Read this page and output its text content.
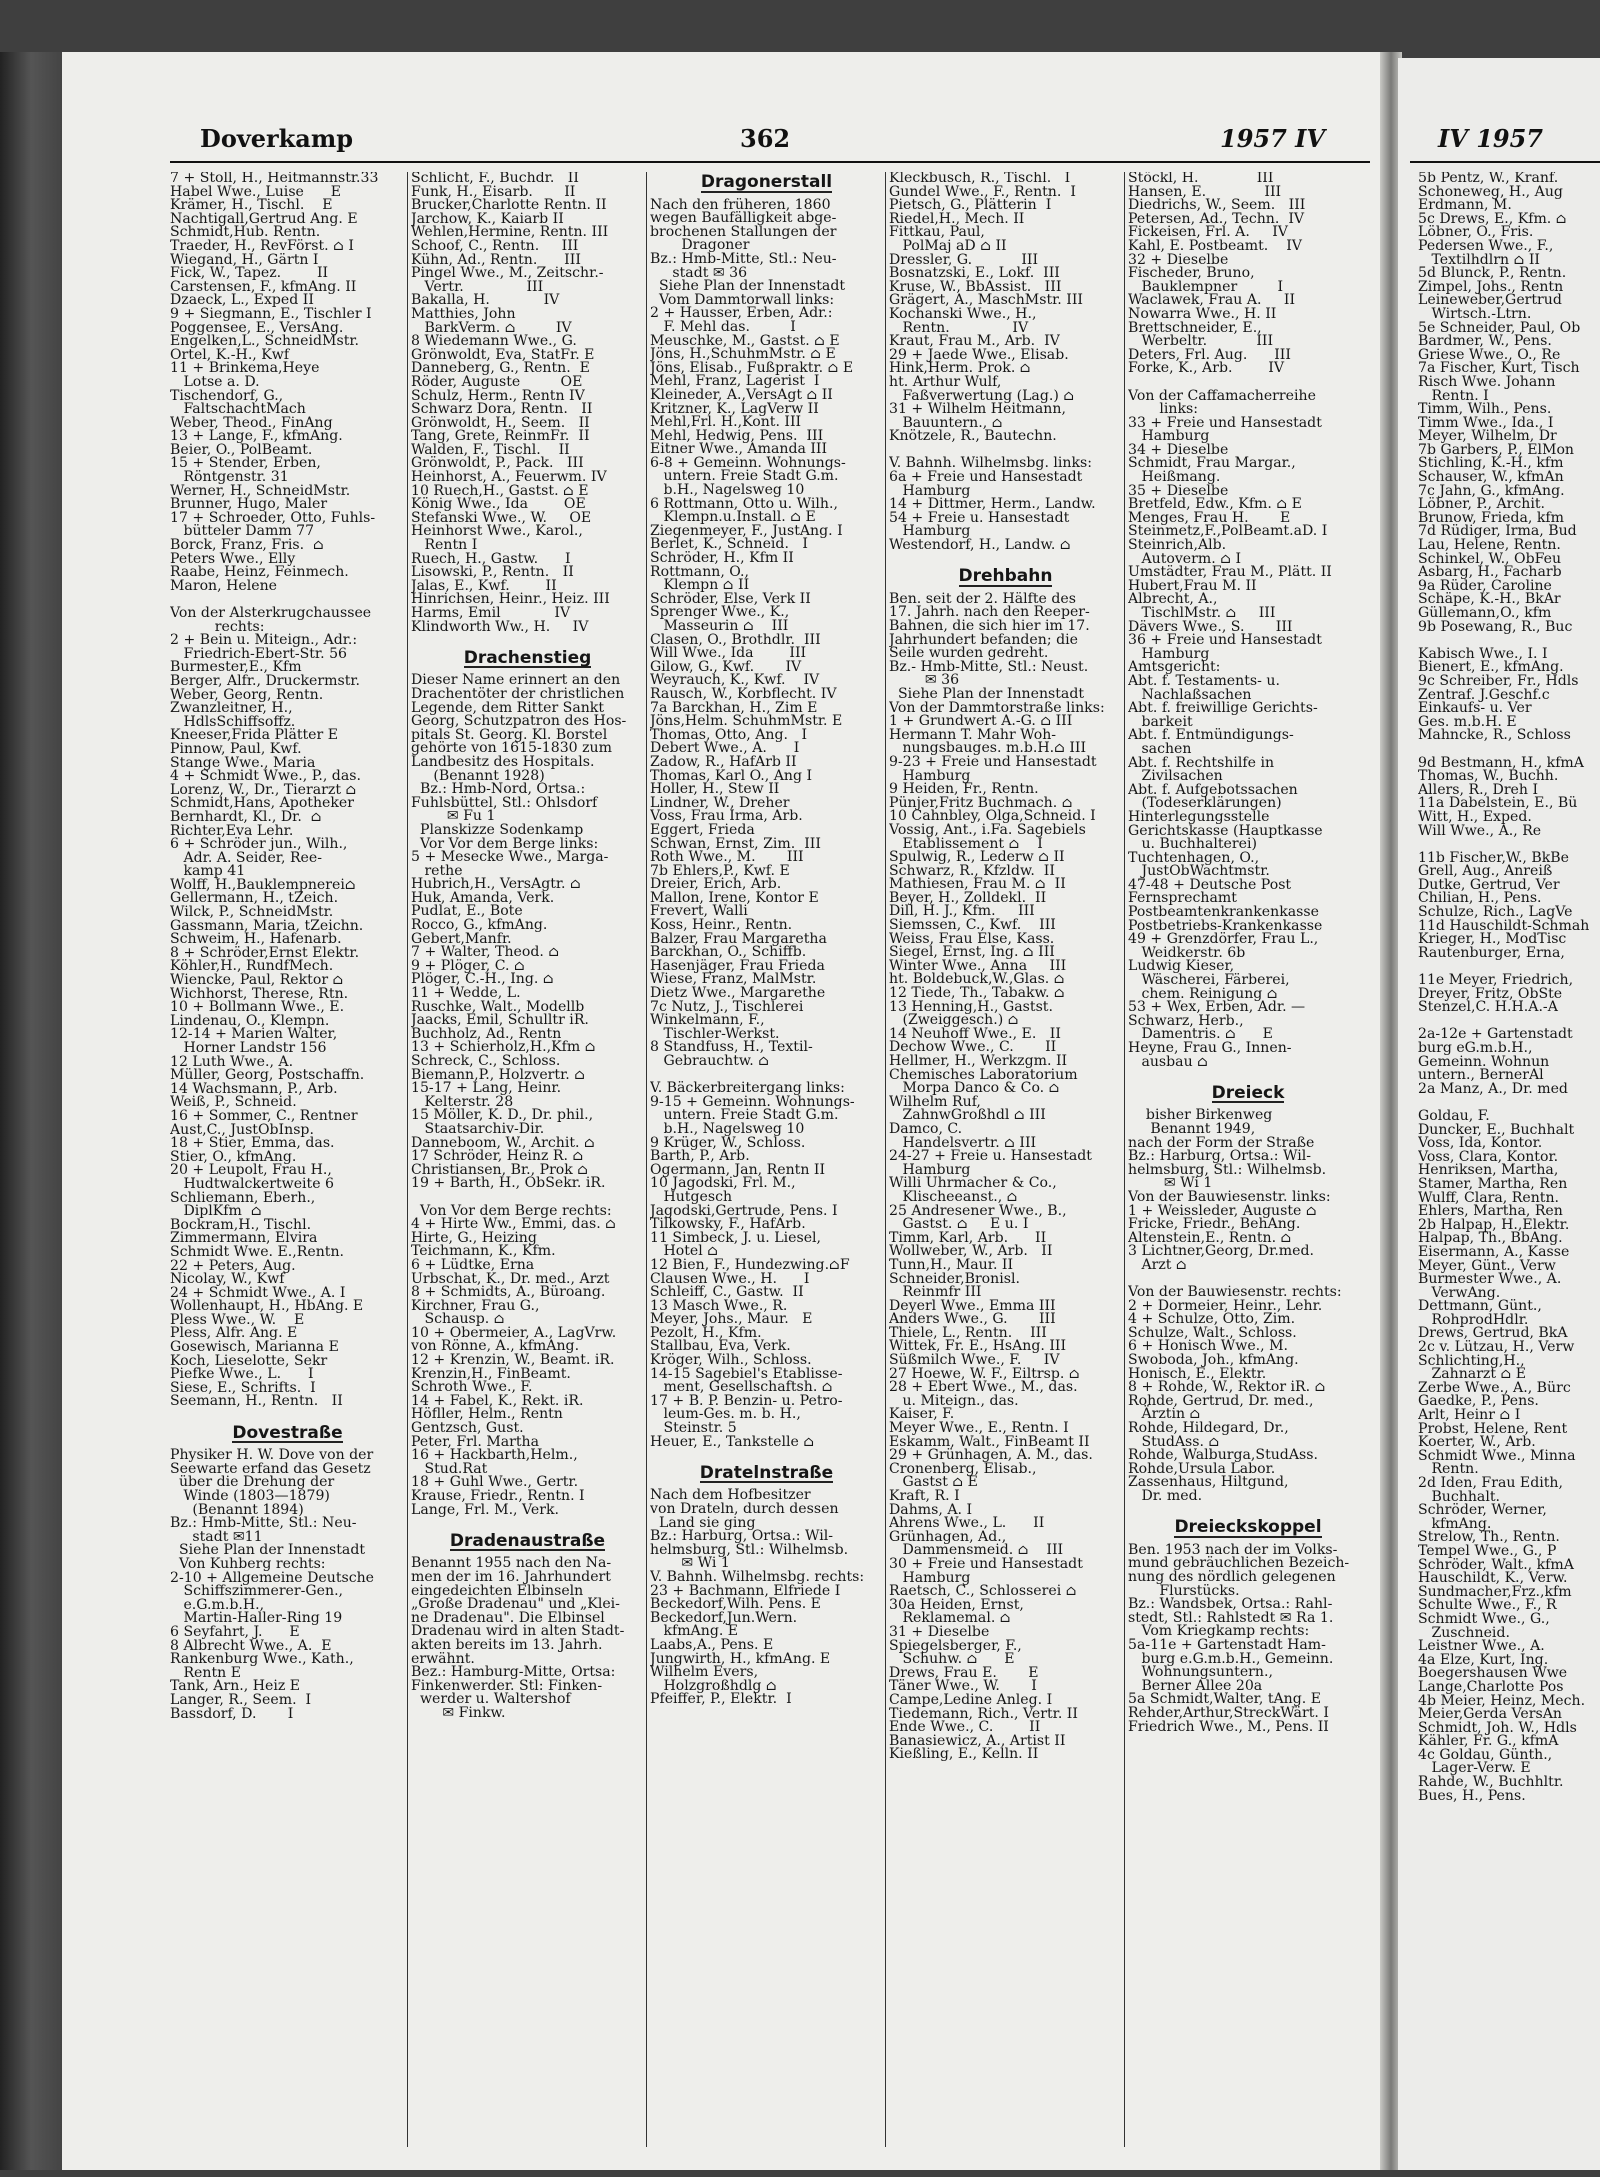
Doverkamp	362	1957 IV	IV 1957
7 + Stoll, H., Heitmannstr.33
Habel Wwe., Luise      E
Krämer, H., Tischl.    E
Nachtigall,Gertrud Ang. E
Schmidt,Hub. Rentn.
Traeder, H., RevFörst. ⌂ I
Wiegand, H., Gärtn I
Fick, W., Tapez.        II
Carstensen, F., kfmAng. II
Dzaeck, L., Exped II
9 + Siegmann, E., Tischler I
Poggensee, E., VersAng.
Engelken,L., SchneidMstr.
Ortel, K.-H., Kwf
11 + Brinkema,Heye
Lotse a. D.
Tischendorf, G.,
FaltschachtMach
Weber, Theod., FinAng
13 + Lange, F., kfmAng.
Beier, O., PolBeamt.
15 + Stender, Erben,
Röntgenstr. 31
Werner, H., SchneidMstr.
Brunner, Hugo, Maler
17 + Schroeder, Otto, Fuhls-
bütteler Damm 77
Borck, Franz, Fris.  ⌂
Peters Wwe., Elly
Raabe, Heinz, Feinmech.
Maron, Helene

Von der Alsterkrugchaussee
rechts:
2 + Bein u. Miteign., Adr.:
Friedrich-Ebert-Str. 56
Burmester,E., Kfm
Berger, Alfr., Druckermstr.
Weber, Georg, Rentn.
Zwanzleitner, H.,
HdlsSchiffsoffz.
Kneeser,Frida Plätter E
Pinnow, Paul, Kwf.
Stange Wwe., Maria
4 + Schmidt Wwe., P., das.
Lorenz, W., Dr., Tierarzt ⌂
Schmidt,Hans, Apotheker
Bernhardt, Kl., Dr.  ⌂
Richter,Eva Lehr.
6 + Schröder jun., Wilh.,
Adr. A. Seider, Ree-
kamp 41
Wolff, H.,Bauklempnerei⌂
Gellermann, H., tZeich.
Wilck, P., SchneidMstr.
Gassmann, Maria, tZeichn.
Schweim, H., Hafenarb.
8 + Schröder,Ernst Elektr.
Köhler,H., RundfMech.
Wiencke, Paul, Rektor ⌂
Wichhorst, Therese, Rtn.
10 + Bollmann Wwe., E.
Lindenau, O., Klempn.
12-14 + Marien Walter,
Horner Landstr 156
12 Luth Wwe., A.
Müller, Georg, Postschaffn.
14 Wachsmann, P., Arb.
Weiß, P., Schneid.
16 + Sommer, C., Rentner
Aust,C., JustObInsp.
18 + Stier, Emma, das.
Stier, O., kfmAng.
20 + Leupolt, Frau H.,
Hudtwalckertweite 6
Schliemann, Eberh.,
DiplKfm  ⌂
Bockram,H., Tischl.
Zimmermann, Elvira
Schmidt Wwe. E.,Rentn.
22 + Peters, Aug.
Nicolay, W., Kwf
24 + Schmidt Wwe., A. I
Wollenhaupt, H., HbAng. E
Pless Wwe., W.    E
Pless, Alfr. Ang. E
Gosewisch, Marianna E
Koch, Lieselotte, Sekr
Piefke Wwe., L.      I
Siese, E., Schrifts.  I
Seemann, H., Rentn.   II

Dovestraße
Physiker H. W. Dove von der
Seewarte erfand das Gesetz
über die Drehung der
Winde (1803—1879)
(Benannt 1894)
Bz.: Hmb-Mitte, Stl.: Neu-
stadt ✉11
Siehe Plan der Innenstadt
Von Kuhberg rechts:
2-10 + Allgemeine Deutsche
Schiffszimmerer-Gen.,
e.G.m.b.H.,
Martin-Haller-Ring 19
6 Seyfahrt, J.      E
8 Albrecht Wwe., A.  E
Rankenburg Wwe., Kath.,
Rentn E
Tank, Arn., Heiz E
Langer, R., Seem.  I
Bassdorf, D.       I
Schlicht, F., Buchdr.   II
Funk, H., Eisarb.       II
Brucker,Charlotte Rentn. II
Jarchow, K., Kaiarb II
Wehlen,Hermine, Rentn. III
Schoof, C., Rentn.     III
Kühn, Ad., Rentn.      III
Pingel Wwe., M., Zeitschr.-
Vertr.              III
Bakalla, H.            IV
Matthies, John
BarkVerm. ⌂         IV
8 Wiedemann Wwe., G.
Grönwoldt, Eva, StatFr. E
Danneberg, G., Rentn.  E
Röder, Auguste         OE
Schulz, Herm., Rentn IV
Schwarz Dora, Rentn.   II
Grönwoldt, H., Seem.   II
Tang, Grete, ReinmFr.  II
Walden, F., Tischl.    II
Grönwoldt, P., Pack.   III
Heinhorst, A., Feuerwm. IV
10 Ruech,H., Gastst. ⌂ E
König Wwe., Ida        OE
Stefanski Wwe., W.     OE
Heinhorst Wwe., Karol.,
Rentn I
Ruech, H., Gastw.      I
Lisowski, P., Rentn.   II
Jalas, E., Kwf.        II
Hinrichsen, Heinr., Heiz. III
Harms, Emil            IV
Klindworth Ww., H.     IV

Drachenstieg
Dieser Name erinnert an den
Drachentöter der christlichen
Legende, dem Ritter Sankt
Georg, Schutzpatron des Hos-
pitals St. Georg. Kl. Borstel
gehörte von 1615-1830 zum
Landbesitz des Hospitals.
(Benannt 1928)
Bz.: Hmb-Nord, Ortsa.:
Fuhlsbüttel, Stl.: Ohlsdorf
✉ Fu 1
Planskizze Sodenkamp
Vor Vor dem Berge links:
5 + Mesecke Wwe., Marga-
rethe
Hubrich,H., VersAgtr. ⌂
Huk, Amanda, Verk.
Pudlat, E., Bote
Rocco, G., kfmAng.
Gebert,Manfr.
7 + Walter, Theod. ⌂
9 + Plöger, C. ⌂
Plöger, C.-H., Ing. ⌂
11 + Wedde, L.
Ruschke, Walt., Modellb
Jaacks, Emil, Schulltr iR.
Buchholz, Ad., Rentn
13 + Schierholz,H.,Kfm ⌂
Schreck, C., Schloss.
Biemann,P., Holzvertr. ⌂
15-17 + Lang, Heinr.
Kelterstr. 28
15 Möller, K. D., Dr. phil.,
Staatsarchiv-Dir.
Danneboom, W., Archit. ⌂
17 Schröder, Heinz R. ⌂
Christiansen, Br., Prok ⌂
19 + Barth, H., ObSekr. iR.

Von Vor dem Berge rechts:
4 + Hirte Ww., Emmi, das. ⌂
Hirte, G., Heizing
Teichmann, K., Kfm.
6 + Lüdtke, Erna
Urbschat, K., Dr. med., Arzt
8 + Schmidts, A., Büroang.
Kirchner, Frau G.,
Schausp. ⌂
10 + Obermeier, A., LagVrw.
von Rönne, A., kfmAng.
12 + Krenzin, W., Beamt. iR.
Krenzin,H., FinBeamt.
Schroth Wwe., F.
14 + Fabel, K., Rekt. iR.
Höfller, Helm., Rentn
Gentzsch, Gust.
Peter, Frl. Martha
16 + Hackbarth,Helm.,
Stud.Rat
18 + Guhl Wwe., Gertr.
Krause, Friedr., Rentn. I
Lange, Frl. M., Verk.

Dradenaustraße
Benannt 1955 nach den Na-
men der im 16. Jahrhundert
eingedeichten Elbinseln
„Große Dradenau" und „Klei-
ne Dradenau". Die Elbinsel
Dradenau wird in alten Stadt-
akten bereits im 13. Jahrh.
erwähnt.
Bez.: Hamburg-Mitte, Ortsa:
Finkenwerder. Stl: Finken-
werder u. Waltershof
✉ Finkw.
Dragonerstall
Nach den früheren, 1860
wegen Baufälligkeit abge-
brochenen Stallungen der
Dragoner
Bz.: Hmb-Mitte, Stl.: Neu-
stadt ✉ 36
Siehe Plan der Innenstadt
Vom Dammtorwall links:
2 + Hausser, Erben, Adr.:
F. Mehl das.         I
Meuschke, M., Gastst. ⌂ E
Jöns, H.,SchuhmMstr. ⌂ E
Jöns, Elisab., Fußpraktr. ⌂ E
Mehl, Franz, Lagerist  I
Kleineder, A.,VersAgt ⌂ II
Kritzner, K., LagVerw II
Mehl,Frl. H.,Kont. III
Mehl, Hedwig, Pens.  III
Eitner Wwe., Amanda III
6-8 + Gemeinn. Wohnungs-
untern. Freie Stadt G.m.
b.H., Nagelsweg 10
6 Rottmann, Otto u. Wilh.,
Klempn.u.Install. ⌂ E
Ziegenmeyer, F., JustAng. I
Berlet, K., Schneid.   I
Schröder, H., Kfm II
Rottmann, O.,
Klempn ⌂ II
Schröder, Else, Verk II
Sprenger Wwe., K.,
Masseurin ⌂    III
Clasen, O., Brothdlr.  III
Will Wwe., Ida        III
Gilow, G., Kwf.       IV
Weyrauch, K., Kwf.    IV
Rausch, W., Korbflecht. IV
7a Barckhan, H., Zim E
Jöns,Helm. SchuhmMstr. E
Thomas, Otto, Ang.   I
Debert Wwe., A.      I
Zadow, R., HafArb II
Thomas, Karl O., Ang I
Holler, H., Stew II
Lindner, W., Dreher
Voss, Frau Irma, Arb.
Eggert, Frieda
Schwan, Ernst, Zim.  III
Roth Wwe., M.       III
7b Ehlers,P., Kwf. E
Dreier, Erich, Arb.
Mallon, Irene, Kontor E
Frevert, Walli
Koss, Heinr., Rentn.
Balzer, Frau Margaretha
Barckhan, O., Schiffb.
Hasenjäger, Frau Frieda
Wiese, Franz, MalMstr.
Dietz Wwe., Margarethe
7c Nutz, J., Tischlerei
Winkelmann, F.,
Tischler-Werkst.
8 Standfuss, H., Textil-
Gebrauchtw. ⌂

V. Bäckerbreitergang links:
9-15 + Gemeinn. Wohnungs-
untern. Freie Stadt G.m.
b.H., Nagelsweg 10
9 Krüger, W., Schloss.
Barth, P., Arb.
Ogermann, Jan, Rentn II
10 Jagodski, Frl. M.,
Hutgesch
Jagodski,Gertrude, Pens. I
Tilkowsky, F., HafArb.
11 Simbeck, J. u. Liesel,
Hotel ⌂
12 Bien, F., Hundezwing.⌂F
Clausen Wwe., H.      I
Schleiff, C., Gastw.  II
13 Masch Wwe., R.
Meyer, Johs., Maur.   E
Pezolt, H., Kfm.
Stallbau, Eva, Verk.
Kröger, Wilh., Schloss.
14-15 Sagebiel's Etablisse-
ment, Gesellschaftsh. ⌂
17 + B. P. Benzin- u. Petro-
leum-Ges. m. b. H.,
Steinstr. 5
Heuer, E., Tankstelle ⌂

Dratelnstraße
Nach dem Hofbesitzer
von Drateln, durch dessen
Land sie ging
Bz.: Harburg, Ortsa.: Wil-
helmsburg, Stl.: Wilhelmsb.
✉ Wi 1
V. Bahnh. Wilhelmsbg. rechts:
23 + Bachmann, Elfriede I
Beckedorf,Wilh. Pens. E
Beckedorf,Jun.Wern.
kfmAng. E
Laabs,A., Pens. E
Jungwirth, H., kfmAng. E
Wilhelm Evers,
Holzgroßhdlg ⌂
Pfeiffer, P., Elektr.  I
Kleckbusch, R., Tischl.   I
Gundel Wwe., F., Rentn.  I
Pietsch, G., Plätterin  I
Riedel,H., Mech. II
Fittkau, Paul,
PolMaj aD ⌂ II
Dressler, G.           III
Bosnatzski, E., Lokf.  III
Kruse, W., BbAssist.   III
Grägert, A., MaschMstr. III
Kochanski Wwe., H.,
Rentn.              IV
Kraut, Frau M., Arb.  IV
29 + Jaede Wwe., Elisab.
Hink,Herm. Prok. ⌂
ht. Arthur Wulf,
Faßverwertung (Lag.) ⌂
31 + Wilhelm Heitmann,
Bauuntern., ⌂
Knötzele, R., Bautechn.

V. Bahnh. Wilhelmsbg. links:
6a + Freie und Hansestadt
Hamburg
14 + Dittmer, Herm., Landw.
54 + Freie u. Hansestadt
Hamburg
Westendorf, H., Landw. ⌂

Drehbahn
Ben. seit der 2. Hälfte des
17. Jahrh. nach den Reeper-
Bahnen, die sich hier im 17.
Jahrhundert befanden; die
Seile wurden gedreht.
Bz.- Hmb-Mitte, Stl.: Neust.
✉ 36
Siehe Plan der Innenstadt
Von der Dammtorstraße links:
1 + Grundwert A.-G. ⌂ III
Hermann T. Mahr Woh-
nungsbauges. m.b.H.⌂ III
9-23 + Freie und Hansestadt
Hamburg
9 Heiden, Fr., Rentn.
Pünjer,Fritz Buchmach. ⌂
10 Cahnbley, Olga,Schneid. I
Vossig, Ant., i.Fa. Sagebiels
Etablissement ⌂    I
Spulwig, R., Lederw ⌂ II
Schwarz, R., Kfzldw.  II
Mathiesen, Frau M. ⌂  II
Beyer, H., Zolldekl.  II
Dill, H. J., Kfm.     III
Siemssen, C., Kwf.    III
Weiss, Frau Else, Kass.
Siegel, Ernst, Ing. ⌂ III
Winter Wwe., Anna     III
ht. Boldebuck,W.,Glas. ⌂
12 Tiede, Th., Tabakw. ⌂
13 Henning,H., Gastst.
(Zweiggesch.) ⌂
14 Neuhoff Wwe., E.   II
Dechow Wwe., C.       II
Hellmer, H., Werkzgm. II
Chemisches Laboratorium
Morpa Danco & Co. ⌂
Wilhelm Ruf,
ZahnwGroßhdl ⌂ III
Damco, C.
Handelsvertr. ⌂ III
24-27 + Freie u. Hansestadt
Hamburg
Willi Uhrmacher & Co.,
Klischeeanst., ⌂
25 Andresener Wwe., B.,
Gastst. ⌂     E u. I
Timm, Karl, Arb.      II
Wollweber, W., Arb.   II
Tunn,H., Maur. II
Schneider,Bronisl.
Reinmfr III
Deyerl Wwe., Emma III
Anders Wwe., G.       III
Thiele, L., Rentn.    III
Wittek, Fr. E., HsAng. III
Süßmilch Wwe., F.     IV
27 Hoewe, W. F., Eiltrsp. ⌂
28 + Ebert Wwe., M., das.
u. Miteign., das.
Kaiser, F.
Meyer Wwe., E., Rentn. I
Eskamm, Walt., FinBeamt II
29 + Grünhagen, A. M., das.
Cronenberg, Elisab.,
Gastst ⌂ E
Kraft, R. I
Dahms, A. I
Ahrens Wwe., L.      II
Grünhagen, Ad.,
Dammensmeid. ⌂    III
30 + Freie und Hansestadt
Hamburg
Raetsch, C., Schlosserei ⌂
30a Heiden, Ernst,
Reklamemal. ⌂
31 + Dieselbe
Spiegelsberger, F.,
Schuhw. ⌂      E
Drews, Frau E.       E
Täner Wwe., W.       I
Campe,Ledine Anleg. I
Tiedemann, Rich., Vertr. II
Ende Wwe., C.        II
Banasiewicz, A., Artist II
Kießling, E., Kelln. II
Stöckl, H.             III
Hansen, E.             III
Diedrichs, W., Seem.   III
Petersen, Ad., Techn.  IV
Fickeisen, Frl. A.     IV
Kahl, E. Postbeamt.    IV
32 + Dieselbe
Fischeder, Bruno,
Bauklempner         I
Waclawek, Frau A.     II
Nowarra Wwe., H. II
Brettschneider, E.,
Werbeltr.           III
Deters, Frl. Aug.      III
Forke, K., Arb.        IV

Von der Caffamacherreihe
links:
33 + Freie und Hansestadt
Hamburg
34 + Dieselbe
Schmidt, Frau Margar.,
Heißmang.
35 + Dieselbe
Bretfeld, Edw., Kfm. ⌂ E
Menges, Frau H.       E
Steinmetz,F.,PolBeamt.aD. I
Steinrich,Alb.
Autoverm. ⌂ I
Umstädter, Frau M., Plätt. II
Hubert,Frau M. II
Albrecht, A.,
TischlMstr. ⌂     III
Dävers Wwe., S.       III
36 + Freie und Hansestadt
Hamburg
Amtsgericht:
Abt. f. Testaments- u.
Nachlaßsachen
Abt. f. freiwillige Gerichts-
barkeit
Abt. f. Entmündigungs-
sachen
Abt. f. Rechtshilfe in
Zivilsachen
Abt. f. Aufgebotssachen
(Todeserklärungen)
Hinterlegungsstelle
Gerichtskasse (Hauptkasse
u. Buchhalterei)
Tuchtenhagen, O.,
JustObWachtmstr.
47-48 + Deutsche Post
Fernsprechamt
Postbeamtenkrankenkasse
Postbetriebs-Krankenkasse
49 + Grenzdörfer, Frau L.,
Weidkerstr. 6b
Ludwig Kieser,
Wäscherei, Färberei,
chem. Reinigung ⌂
53 + Wex, Erben, Adr. —
Schwarz, Herb.,
Damentris. ⌂      E
Heyne, Frau G., Innen-
ausbau ⌂

Dreieck
bisher Birkenweg
Benannt 1949,
nach der Form der Straße
Bz.: Harburg, Ortsa.: Wil-
helmsburg, Stl.: Wilhelmsb.
✉ Wi 1
Von der Bauwiesenstr. links:
1 + Weissleder, Auguste ⌂
Fricke, Friedr., BehAng.
Altenstein,E., Rentn. ⌂
3 Lichtner,Georg, Dr.med.
Arzt ⌂

Von der Bauwiesenstr. rechts:
2 + Dormeier, Heinr., Lehr.
4 + Schulze, Otto, Zim.
Schulze, Walt., Schloss.
6 + Honisch Wwe., M.
Swoboda, Joh., kfmAng.
Honisch, E., Elektr.
8 + Rohde, W., Rektor iR. ⌂
Rohde, Gertrud, Dr. med.,
Ärztin ⌂
Rohde, Hildegard, Dr.,
StudAss. ⌂
Rohde, Walburga,StudAss.
Rohde,Ursula Labor.
Zassenhaus, Hiltgund,
Dr. med.

Dreieckskoppel
Ben. 1953 nach der im Volks-
mund gebräuchlichen Bezeich-
nung des nördlich gelegenen
Flurstücks.
Bz.: Wandsbek, Ortsa.: Rahl-
stedt, Stl.: Rahlstedt ✉ Ra 1.
Vom Kriegkamp rechts:
5a-11e + Gartenstadt Ham-
burg e.G.m.b.H., Gemeinn.
Wohnungsuntern.,
Berner Allee 20a
5a Schmidt,Walter, tAng. E
Rehder,Arthur,StreckWärt. I
Friedrich Wwe., M., Pens. II
5b Pentz, W., Kranf.
Schoneweg, H., Aug
Erdmann, M.
5c Drews, E., Kfm. ⌂
Löbner, O., Fris.
Pedersen Wwe., F.,
Textilhdlrn ⌂ II
5d Blunck, P., Rentn.
Zimpel, Johs., Rentn
Leineweber,Gertrud
Wirtsch.-Ltrn.
5e Schneider, Paul, Ob
Bardmer, W., Pens.
Griese Wwe., O., Re
7a Fischer, Kurt, Tisch
Risch Wwe. Johann
Rentn. I
Timm, Wilh., Pens.
Timm Wwe., Ida., I
Meyer, Wilhelm, Dr
7b Garbers, P., ElMon
Stichling, K.-H., kfm
Schauser, W., kfmAn
7c Jahn, G., kfmAng.
Löbner, P., Archit.
Brunow, Frieda, kfm
7d Rüdiger, Irma, Bud
Lau, Helene, Rentn.
Schinkel, W., ObFeu
Asbarg, H., Facharb
9a Rüder, Caroline
Schäpe, K.-H., BkAr
Güllemann,O., kfm
9b Posewang, R., Buc

Kabisch Wwe., I. I
Bienert, E., kfmAng.
9c Schreiber, Fr., Hdls
Zentraf. J.Geschf.c
Einkaufs- u. Ver
Ges. m.b.H. E
Mahncke, R., Schloss

9d Bestmann, H., kfmA
Thomas, W., Buchh.
Allers, R., Dreh I
11a Dabelstein, E., Bü
Witt, H., Exped.
Will Wwe., A., Re

11b Fischer,W., BkBe
Grell, Aug., Anreiß
Dutke, Gertrud, Ver
Chilian, H., Pens.
Schulze, Rich., LagVe
11d Hauschildt-Schmah
Krieger, H., ModTisc
Rautenburger, Erna,

11e Meyer, Friedrich,
Dreyer, Fritz, ObSte
Stenzel,C. H.H.A.-A

2a-12e + Gartenstadt
burg eG.m.b.H.,
Gemeinn. Wohnun
untern., BernerAl
2a Manz, A., Dr. med

Goldau, F.
Duncker, E., Buchhalt
Voss, Ida, Kontor.
Voss, Clara, Kontor.
Henriksen, Martha,
Stamer, Martha, Ren
Wulff, Clara, Rentn.
Ehlers, Martha, Ren
2b Halpap, H.,Elektr.
Halpap, Th., BbAng.
Eisermann, A., Kasse
Meyer, Günt., Verw
Burmester Wwe., A.
VerwAng.
Dettmann, Günt.,
RohprodHdlr.
Drews, Gertrud, BkA
2c v. Lützau, H., Verw
Schlichting,H.,
Zahnarzt ⌂ E
Zerbe Wwe., A., Bürc
Gaedke, P., Pens.
Arlt, Heinr ⌂ I
Probst, Helene, Rent
Koerter, W., Arb.
Schmidt Wwe., Minna
Rentn.
2d Iden, Frau Edith,
Buchhalt.
Schröder, Werner,
kfmAng.
Strelow, Th., Rentn.
Tempel Wwe., G., P
Schröder, Walt., kfmA
Hauschildt, K., Verw.
Sundmacher,Frz.,kfm
Schulte Wwe., F., R
Schmidt Wwe., G.,
Zuschneid.
Leistner Wwe., A.
4a Elze, Kurt, Ing.
Boegershausen Wwe
Lange,Charlotte Pos
4b Meier, Heinz, Mech.
Meier,Gerda VersAn
Schmidt, Joh. W., Hdls
Kähler, Fr. G., kfmA
4c Goldau, Günth.,
Lager-Verw. E
Rahde, W., Buchhltr.
Bues, H., Pens.
